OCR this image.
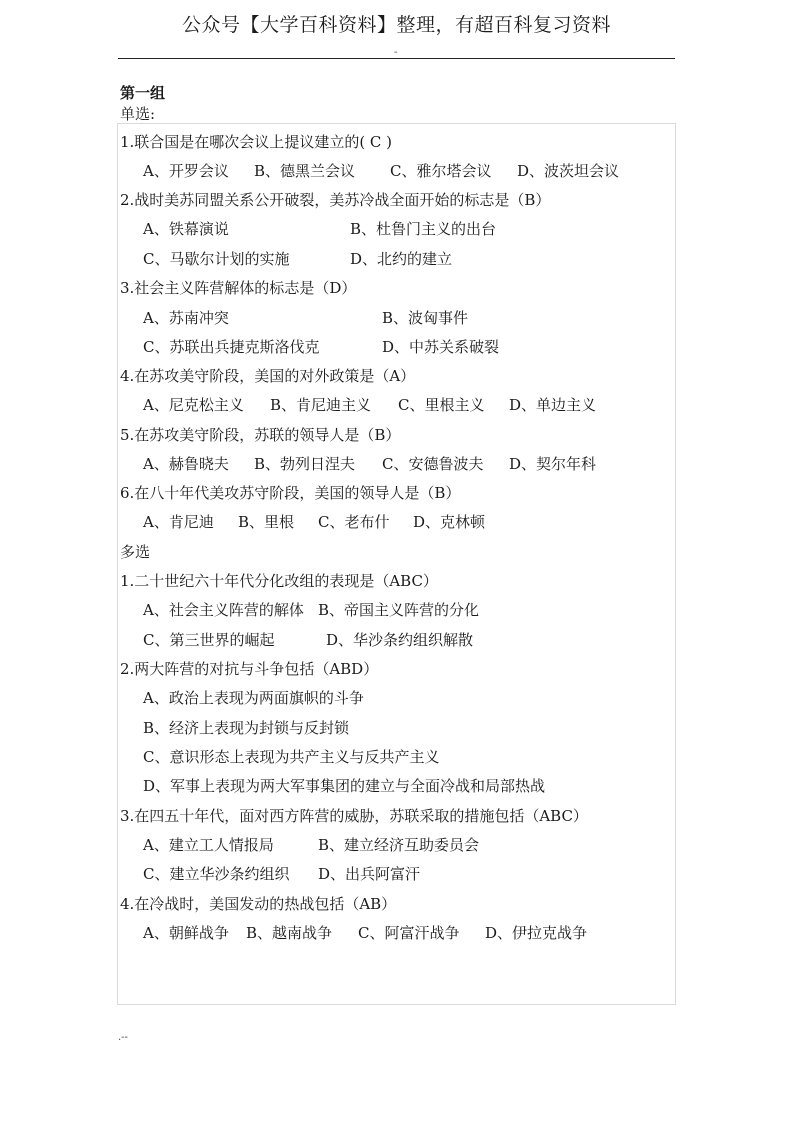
公众号【大学百科资料】整理，有超百科复习资料
-
第一组
单选:
1.联合国是在哪次会议上提议建立的( C )
A、开罗会议 B、德黑兰会议 C、雅尔塔会议 D、波茨坦会议
2.战时美苏同盟关系公开破裂，美苏冷战全面开始的标志是（B）
A、铁幕演说	B、杜鲁门主义的出台
C、马歇尔计划的实施	D、北约的建立
3.社会主义阵营解体的标志是（D）
A、苏南冲突	B、波匈事件
C、苏联出兵捷克斯洛伐克	D、中苏关系破裂
4.在苏攻美守阶段，美国的对外政策是（A）
A、尼克松主义 B、肯尼迪主义 C、里根主义 D、单边主义
5.在苏攻美守阶段，苏联的领导人是（B）
A、赫鲁晓夫 B、勃列日涅夫 C、安德鲁波夫 D、契尔年科
6.在八十年代美攻苏守阶段，美国的领导人是（B）
A、肯尼迪 B、里根 C、老布什 D、克林顿
多选
1.二十世纪六十年代分化改组的表现是（ABC）
A、社会主义阵营的解体 B、帝国主义阵营的分化
C、第三世界的崛起	D、华沙条约组织解散
2.两大阵营的对抗与斗争包括（ABD）
A、政治上表现为两面旗帜的斗争
B、经济上表现为封锁与反封锁
C、意识形态上表现为共产主义与反共产主义
D、军事上表现为两大军事集团的建立与全面冷战和局部热战
3.在四五十年代，面对西方阵营的威胁，苏联采取的措施包括（ABC）
A、建立工人情报局	B、建立经济互助委员会
C、建立华沙条约组织 D、出兵阿富汗
4.在冷战时，美国发动的热战包括（AB）
A、朝鲜战争 B、越南战争 C、阿富汗战争 D、伊拉克战争
.--
